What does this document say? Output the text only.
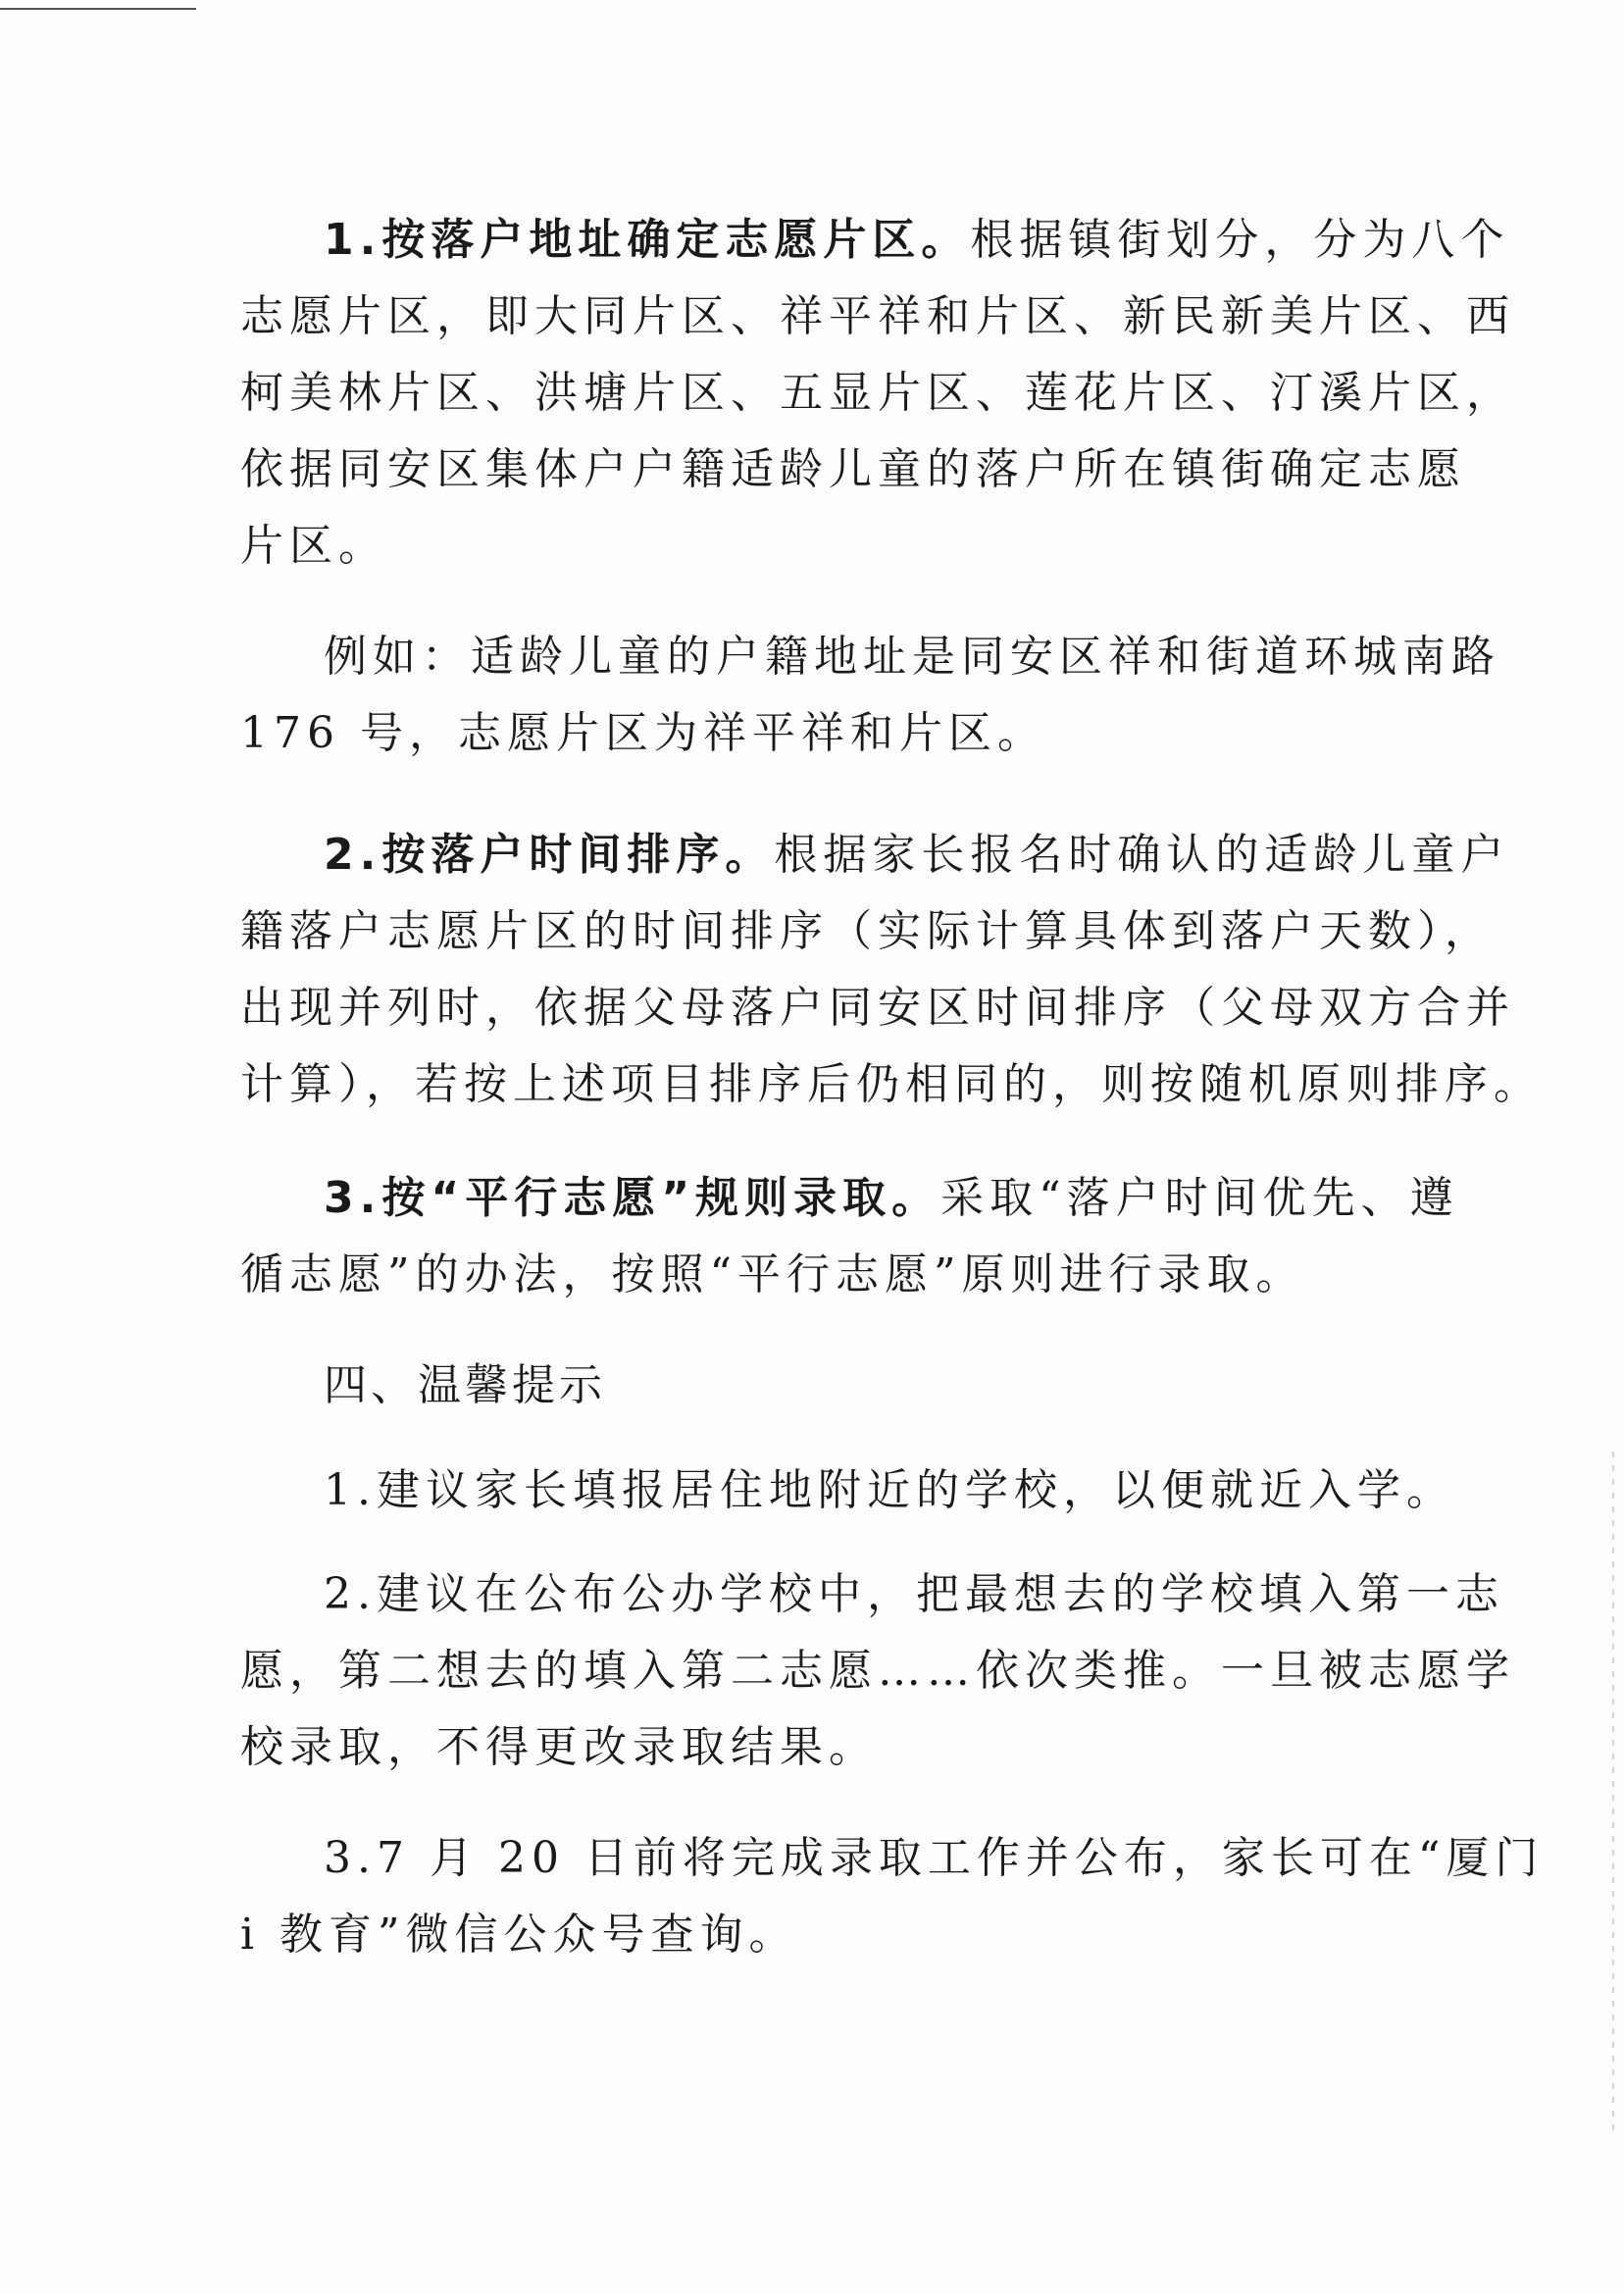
1.按落户地址确定志愿片区。根据镇街划分，分为八个
志愿片区，即大同片区、祥平祥和片区、新民新美片区、西
柯美林片区、洪塘片区、五显片区、莲花片区、汀溪片区，
依据同安区集体户户籍适龄儿童的落户所在镇街确定志愿
片区。
例如：适龄儿童的户籍地址是同安区祥和街道环城南路
176 号，志愿片区为祥平祥和片区。
2.按落户时间排序。根据家长报名时确认的适龄儿童户
籍落户志愿片区的时间排序（实际计算具体到落户天数），
出现并列时，依据父母落户同安区时间排序（父母双方合并
计算），若按上述项目排序后仍相同的，则按随机原则排序。
3.按“平行志愿”规则录取。采取“落户时间优先、遵
循志愿”的办法，按照“平行志愿”原则进行录取。
四、温馨提示
1.建议家长填报居住地附近的学校，以便就近入学。
2.建议在公布公办学校中，把最想去的学校填入第一志
愿，第二想去的填入第二志愿……依次类推。一旦被志愿学
校录取，不得更改录取结果。
3.7 月 20 日前将完成录取工作并公布，家长可在“厦门
i 教育”微信公众号查询。
